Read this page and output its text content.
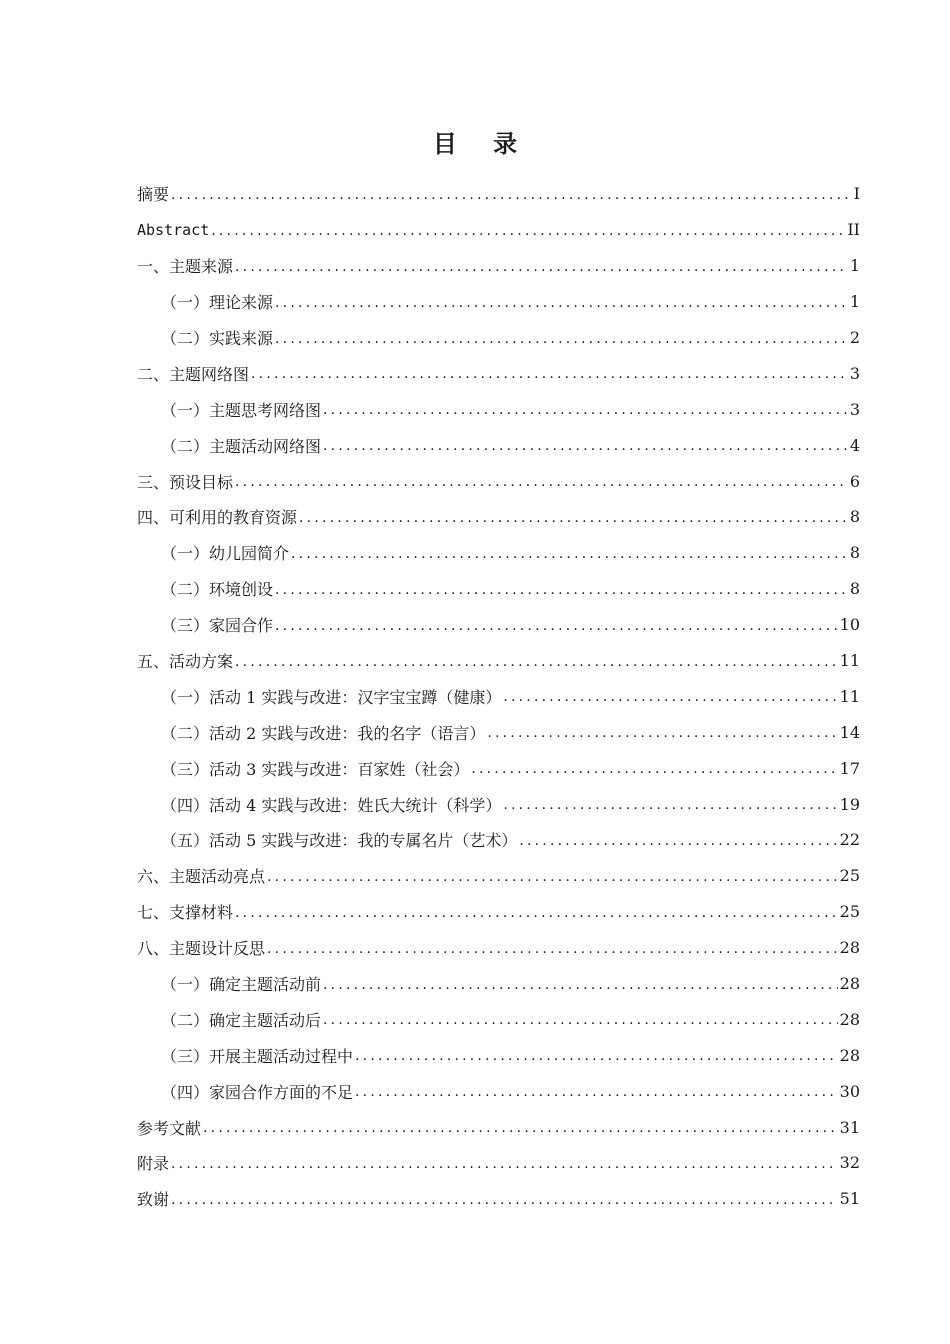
目 录
摘要 .....	I
Abstract .....	II
一、主题来源 .....	1
（一）理论来源 .....	1
（二）实践来源 .....	2
二、主题网络图 .....	3
（一）主题思考网络图 .....	3
（二）主题活动网络图 .....	4
三、预设目标 .....	6
四、可利用的教育资源 .....	8
（一）幼儿园简介 .....	8
（二）环境创设 .....	8
（三）家园合作 .....	10
五、活动方案 .....	11
（一）活动 1 实践与改进：汉字宝宝蹲（健康） .....	11
（二）活动 2 实践与改进：我的名字（语言） .....	14
（三）活动 3 实践与改进：百家姓（社会） .....	17
（四）活动 4 实践与改进：姓氏大统计（科学） .....	19
（五）活动 5 实践与改进：我的专属名片（艺术） .....	22
六、主题活动亮点 .....	25
七、支撑材料 .....	25
八、主题设计反思 .....	28
（一）确定主题活动前 .....	28
（二）确定主题活动后 .....	28
（三）开展主题活动过程中 .....	28
（四）家园合作方面的不足 .....	30
参考文献 .....	31
附录 .....	32
致谢 .....	51
